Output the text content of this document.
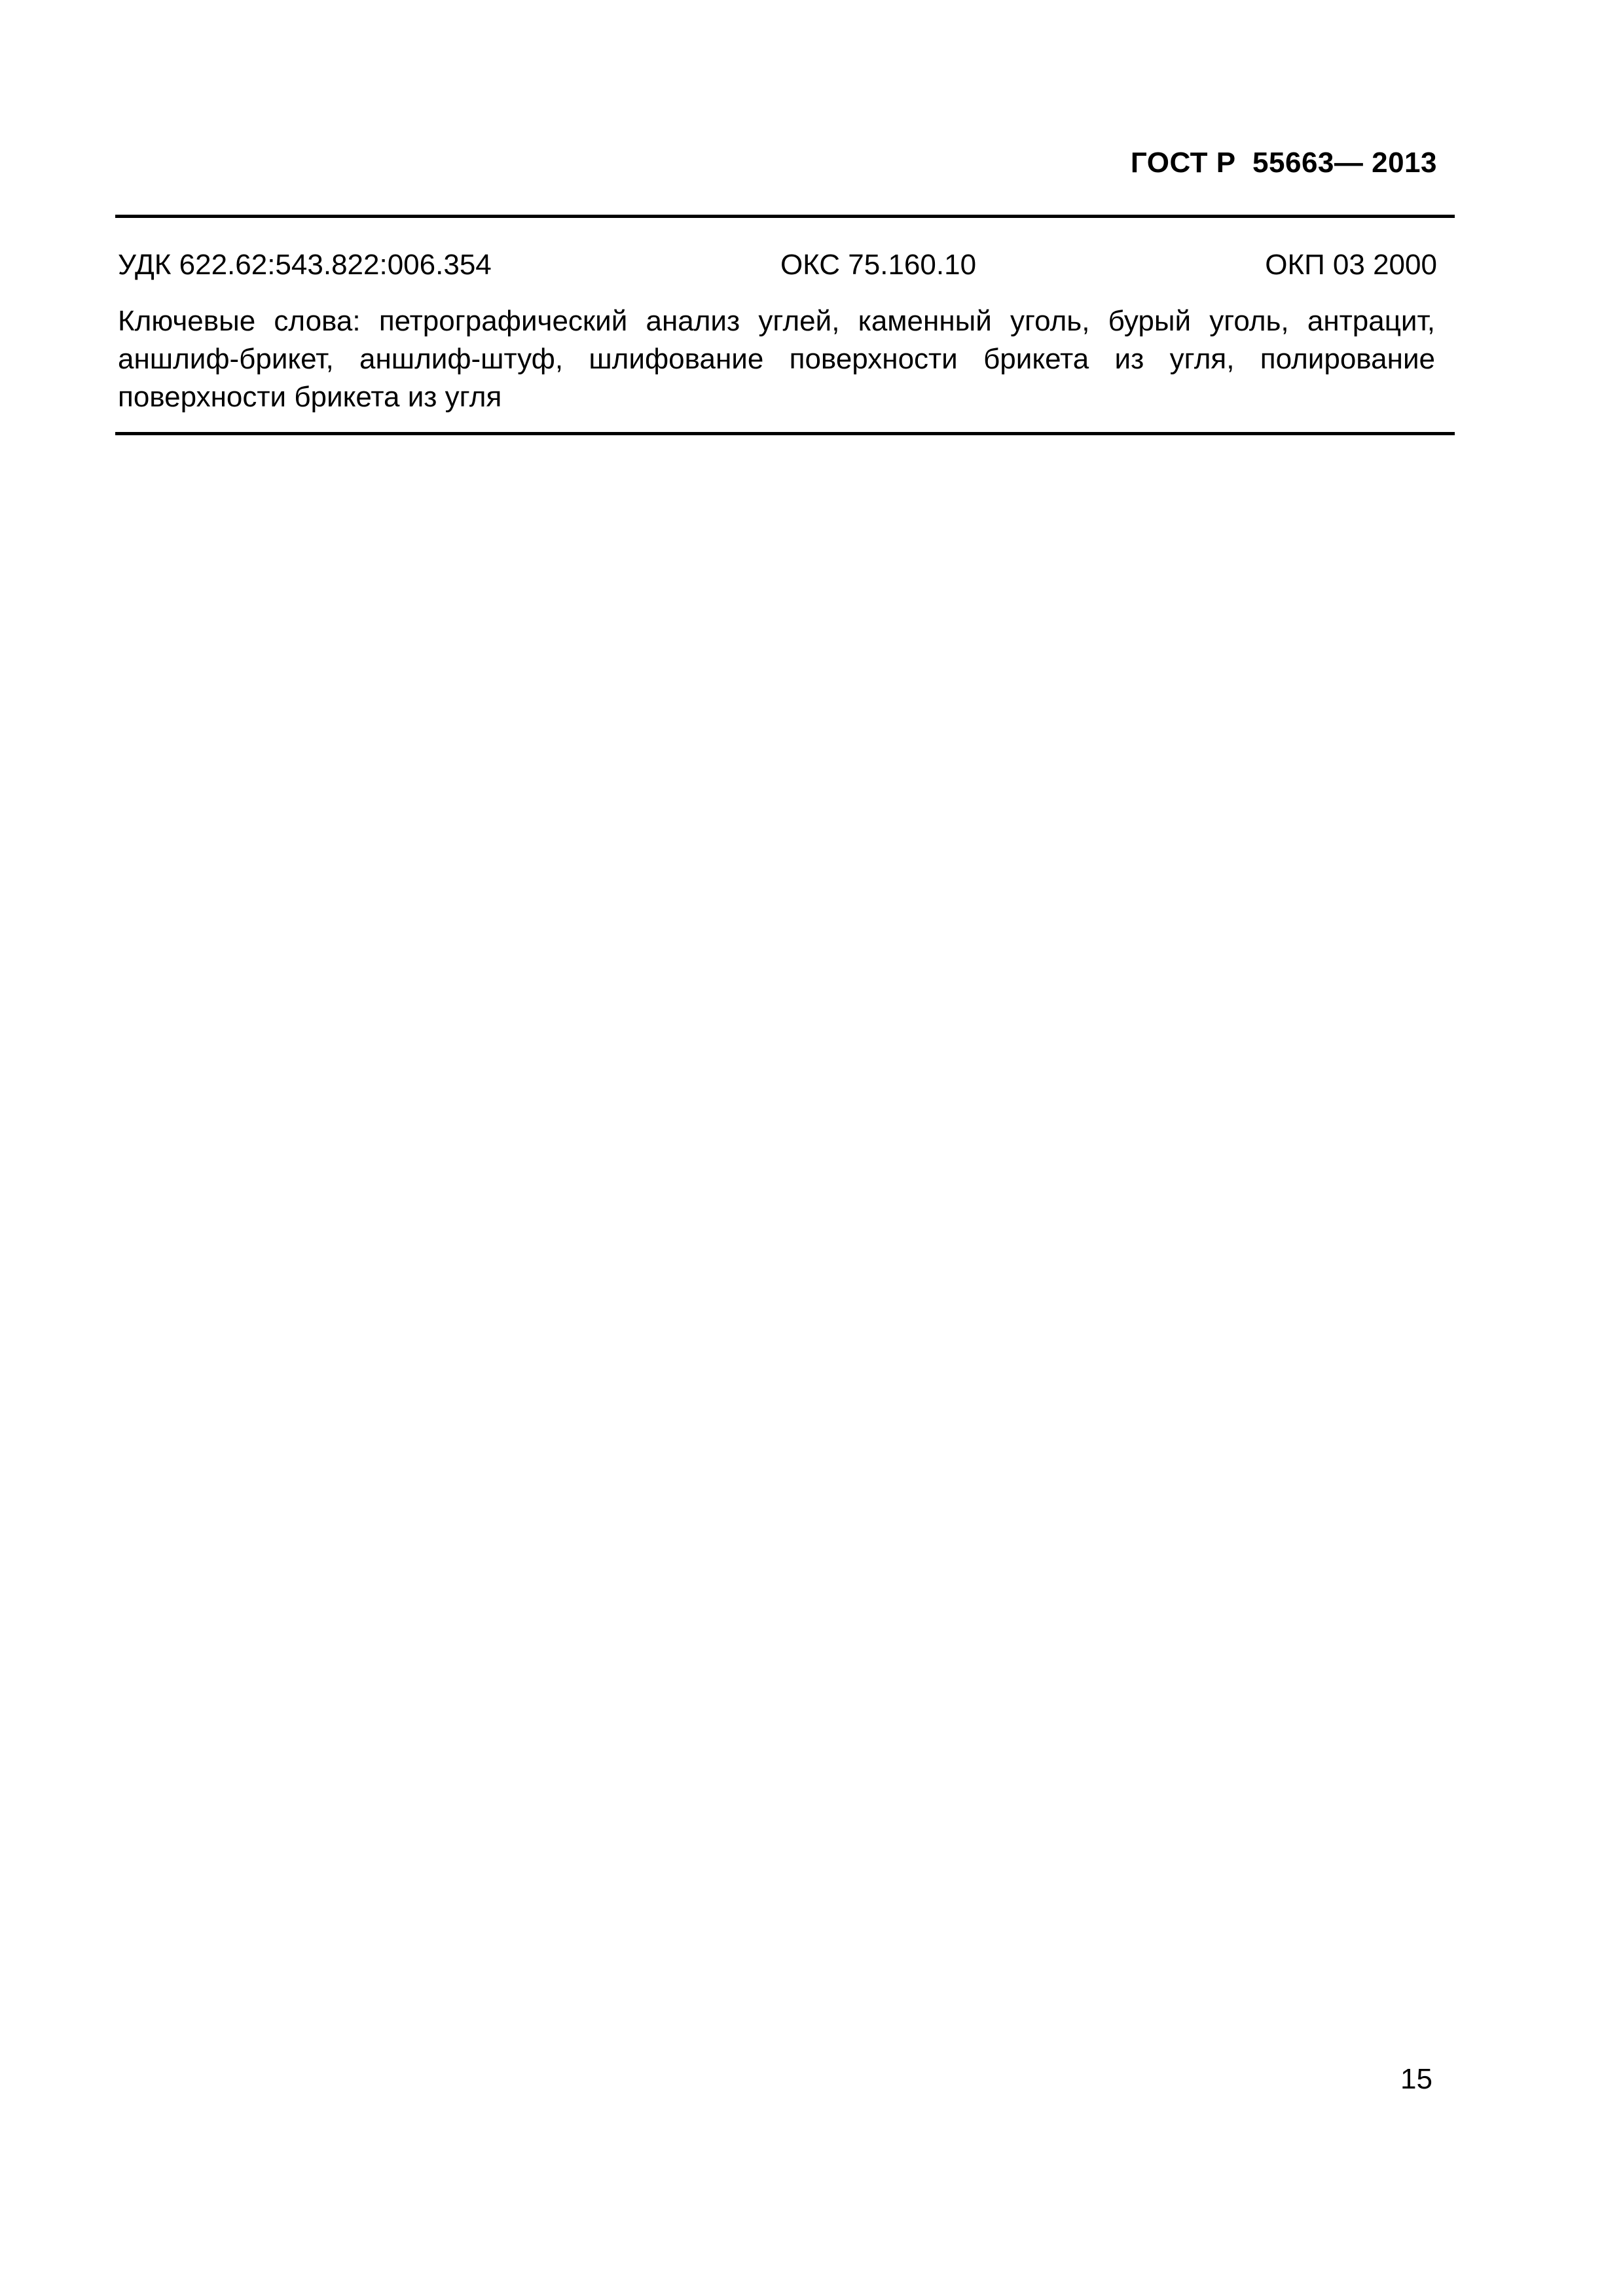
ГОСТ Р  55663— 2013
УДК 622.62:543.822:006.354	ОКС 75.160.10	ОКП 03 2000
Ключевые слова: петрографический анализ углей, каменный уголь, бурый уголь, антрацит, аншлиф-брикет, аншлиф-штуф, шлифование поверхности брикета из угля, полирование поверхности брикета из угля
15
